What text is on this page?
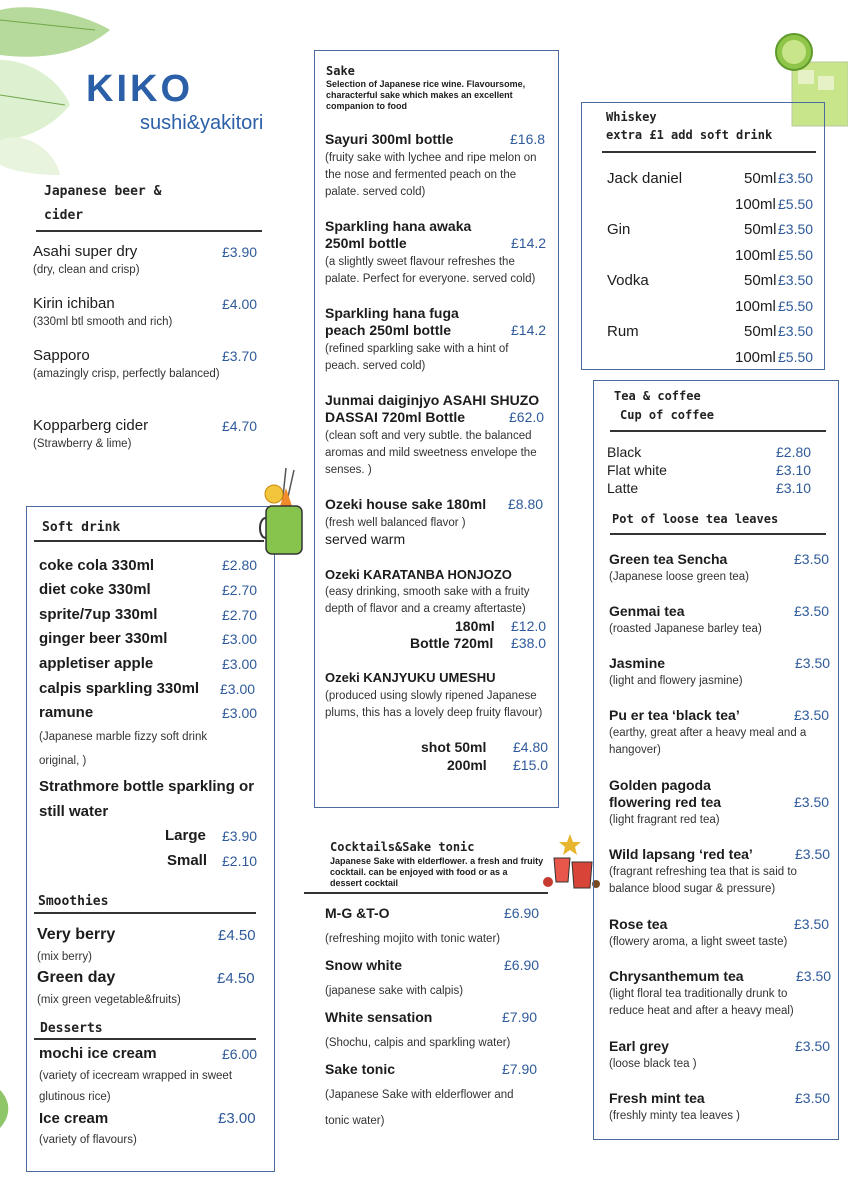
KIKO
sushi&yakitori
Japanese beer &
cider
Asahi super dry	£3.90
(dry, clean and crisp)
Kirin ichiban	£4.00
(330ml btl smooth and rich)
Sapporo	£3.70
(amazingly crisp, perfectly balanced)
Kopparberg cider	£4.70
(Strawberry & lime)
Soft drink
coke cola 330ml	£2.80
diet coke 330ml	£2.70
sprite/7up 330ml	£2.70
ginger beer 330ml	£3.00
appletiser apple	£3.00
calpis sparkling 330ml £3.00
ramune	£3.00
(Japanese marble fizzy soft drink
original, )
Strathmore bottle sparkling or
still water
Large £3.90
Small £2.10
Smoothies
Very berry	£4.50
(mix berry)
Green day	£4.50
(mix green vegetable&fruits)
Desserts
mochi ice cream	£6.00
(variety of icecream wrapped in sweet
glutinous rice)
Ice cream	£3.00
(variety of flavours)
Sake
Selection of Japanese rice wine. Flavoursome,
characterful sake which makes an excellent
companion to food
Sayuri 300ml bottle	£16.8
(fruity sake with lychee and ripe melon on
the nose and fermented peach on the
palate. served cold)
Sparkling hana awaka
250ml bottle	£14.2
(a slightly sweet flavour refreshes the
palate. Perfect for everyone. served cold)
Sparkling hana fuga
peach 250ml bottle	£14.2
(refined sparkling sake with a hint of
peach. served cold)
Junmai daiginjyo ASAHI SHUZO
DASSAI 720ml Bottle	£62.0
(clean soft and very subtle. the balanced
aromas and mild sweetness envelope the
senses. )
Ozeki house sake 180ml £8.80
(fresh well balanced flavor )
served warm
Ozeki KARATANBA HONJOZO
(easy drinking, smooth sake with a fruity
depth of flavor and a creamy aftertaste)
180ml £12.0
Bottle 720ml £38.0
Ozeki KANJYUKU UMESHU
(produced using slowly ripened Japanese
plums, this has a lovely deep fruity flavour)
shot 50ml £4.80
200ml £15.0
Cocktails&Sake tonic
Japanese Sake with elderflower. a fresh and fruity
cocktail. can be enjoyed with food or as a
dessert cocktail
M-G &T-O	£6.90
(refreshing mojito with tonic water)
Snow white	£6.90
(japanese sake with calpis)
White sensation	£7.90
(Shochu, calpis and sparkling water)
Sake tonic	£7.90
(Japanese Sake with elderflower and
tonic water)
Whiskey
extra £1 add soft drink
Jack daniel	50ml £3.50
100ml £5.50
Gin	50ml £3.50
100ml £5.50
Vodka	50ml £3.50
100ml £5.50
Rum	50ml £3.50
100ml £5.50
Tea & coffee
Cup of coffee
Black	£2.80
Flat white	£3.10
Latte	£3.10
Pot of loose tea leaves
Green tea Sencha	£3.50
(Japanese loose green tea)
Genmai tea	£3.50
(roasted Japanese barley tea)
Jasmine	£3.50
(light and flowery jasmine)
Pu er tea ‘black tea’	£3.50
(earthy, great after a heavy meal and a
hangover)
Golden pagoda
flowering red tea	£3.50
(light fragrant red tea)
Wild lapsang ‘red tea’	£3.50
(fragrant refreshing tea that is said to
balance blood sugar & pressure)
Rose tea	£3.50
(flowery aroma, a light sweet taste)
Chrysanthemum tea	£3.50
(light floral tea traditionally drunk to
reduce heat and after a heavy meal)
Earl grey	£3.50
(loose black tea )
Fresh mint tea	£3.50
(freshly minty tea leaves )
